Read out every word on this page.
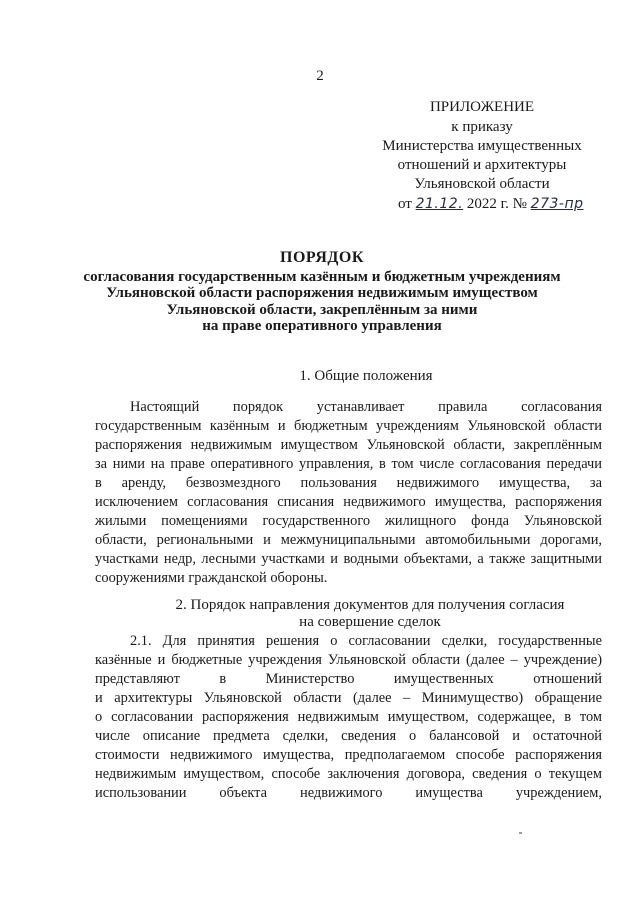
2
ПРИЛОЖЕНИЕ
к приказу
Министерства имущественных
отношений и архитектуры
Ульяновской области
от 21.12. 2022 г. № 273-пр
ПОРЯДОК
согласования государственным казённым и бюджетным учреждениям
Ульяновской области распоряжения недвижимым имуществом
Ульяновской области, закреплённым за ними
на праве оперативного управления
1. Общие положения
Настоящий порядок устанавливает правила согласования
государственным казённым и бюджетным учреждениям Ульяновской области
распоряжения недвижимым имуществом Ульяновской области, закреплённым
за ними на праве оперативного управления, в том числе согласования передачи
в аренду, безвозмездного пользования недвижимого имущества, за
исключением согласования списания недвижимого имущества, распоряжения
жилыми помещениями государственного жилищного фонда Ульяновской
области, региональными и межмуниципальными автомобильными дорогами,
участками недр, лесными участками и водными объектами, а также защитными
сооружениями гражданской обороны.
2. Порядок направления документов для получения согласия
на совершение сделок
2.1. Для принятия решения о согласовании сделки, государственные
казённые и бюджетные учреждения Ульяновской области (далее – учреждение)
представляют в Министерство имущественных отношений
и архитектуры Ульяновской области (далее – Минимущество) обращение
о согласовании распоряжения недвижимым имуществом, содержащее, в том
числе описание предмета сделки, сведения о балансовой и остаточной
стоимости недвижимого имущества, предполагаемом способе распоряжения
недвижимым имуществом, способе заключения договора, сведения о текущем
использовании объекта недвижимого имущества учреждением,
